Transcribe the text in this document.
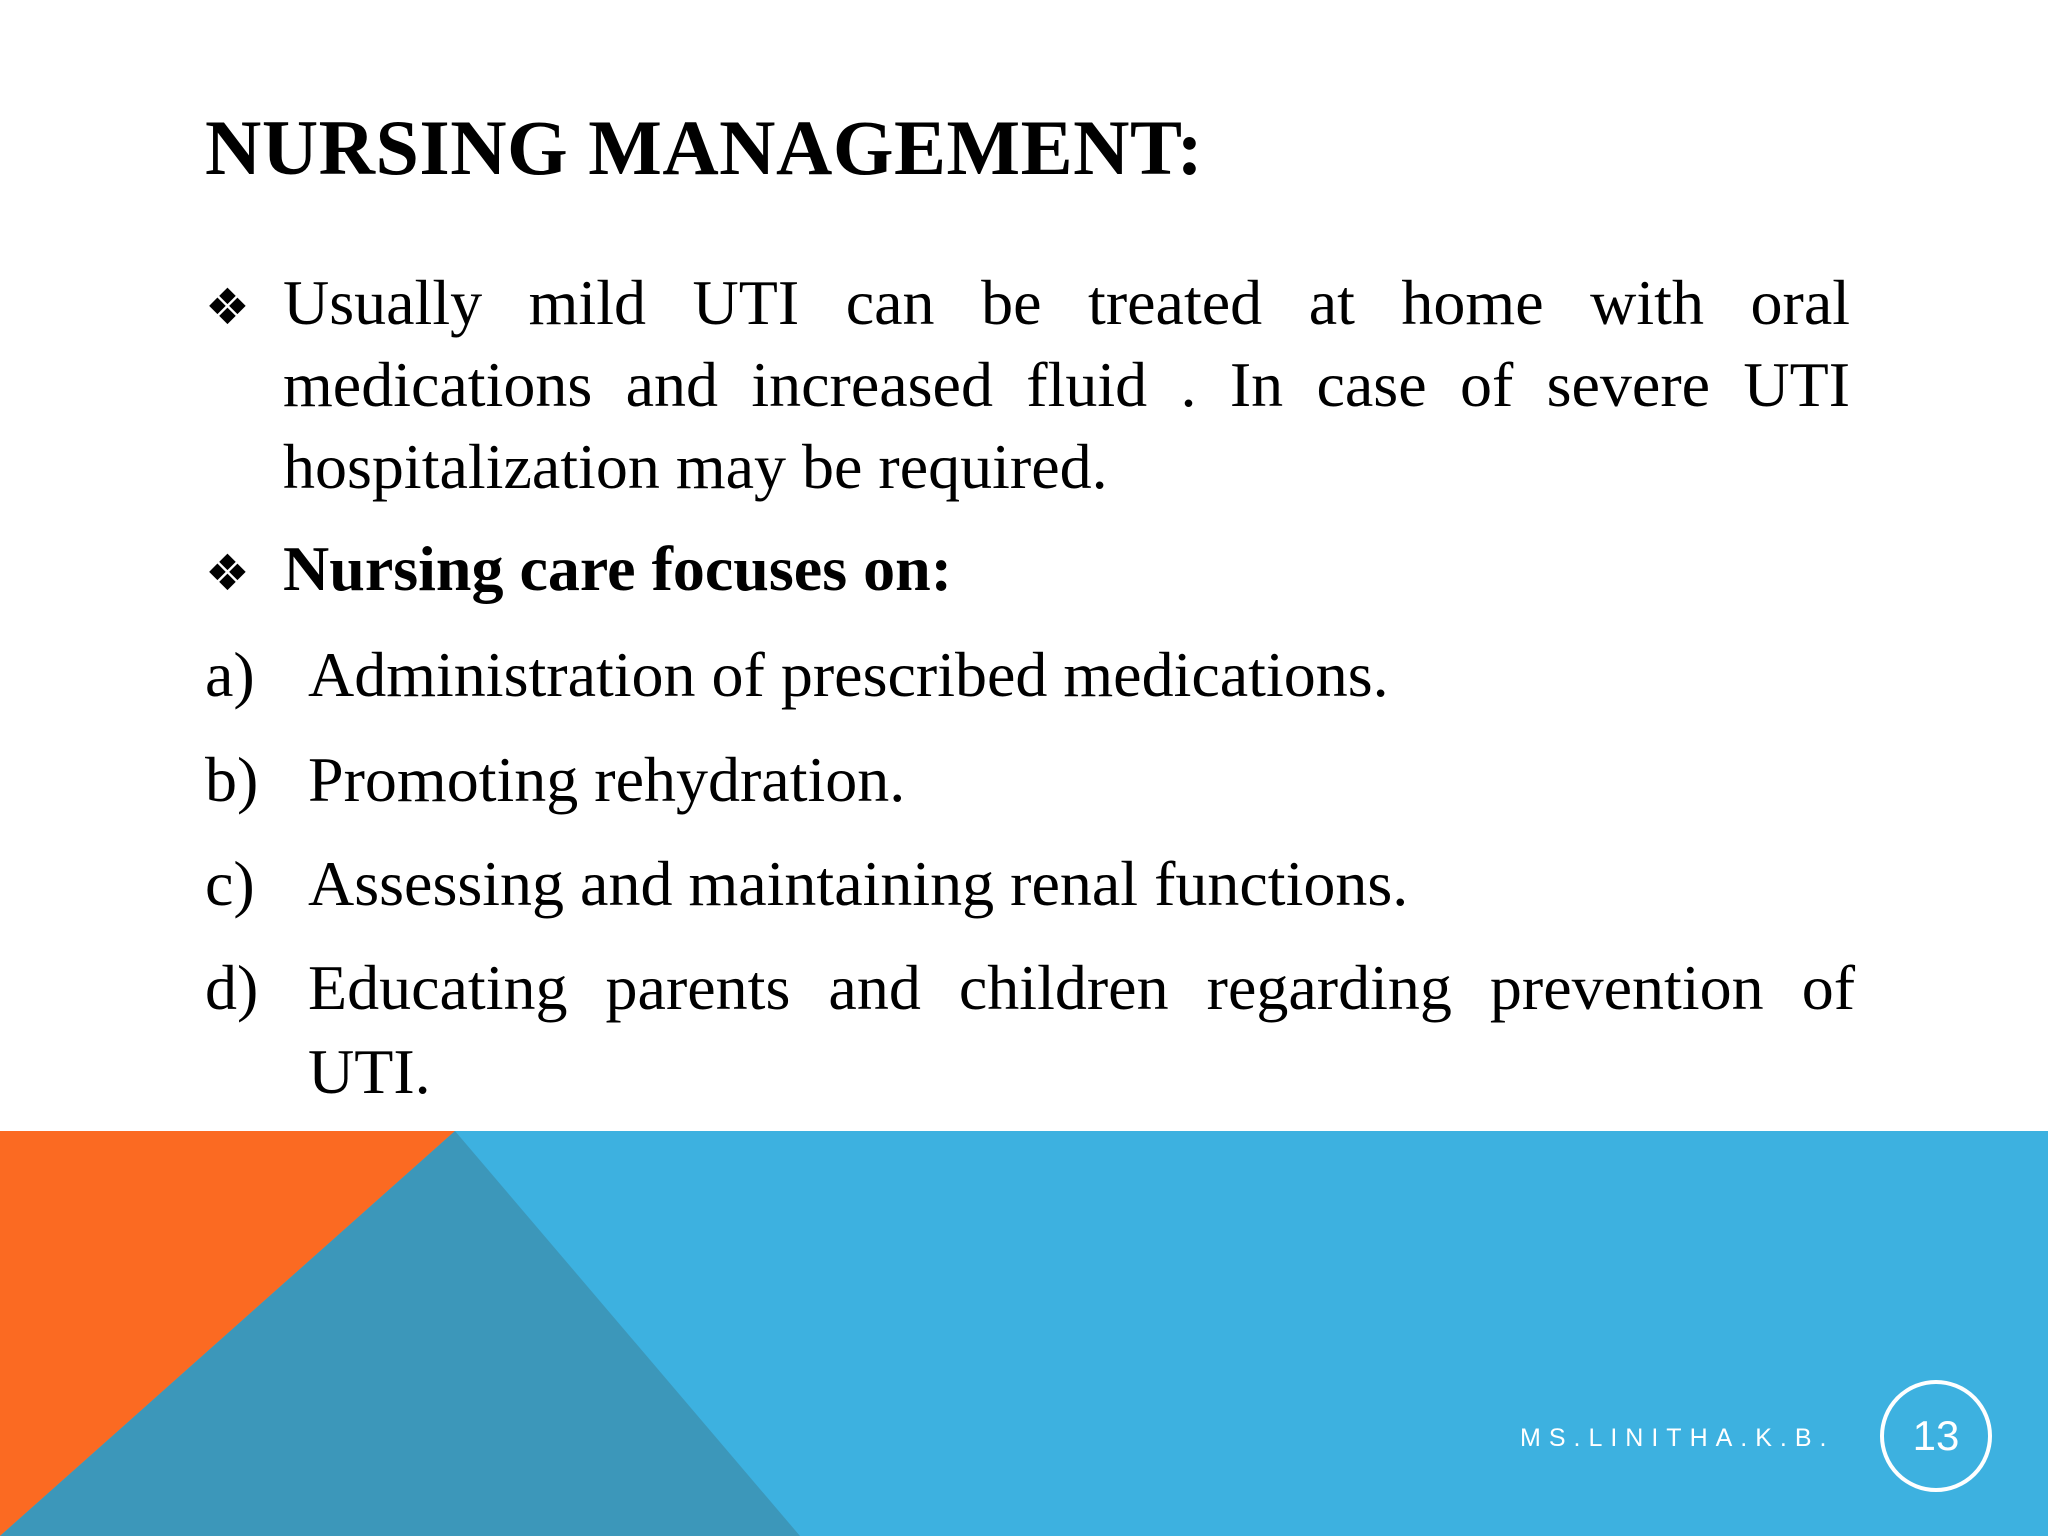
NURSING MANAGEMENT:
❖ Usually mild UTI can be treated at home with oral medications and increased fluid . In case of severe UTI hospitalization may be required.
❖ Nursing care focuses on:
a) Administration of prescribed medications.
b) Promoting rehydration.
c) Assessing and maintaining renal functions.
d) Educating parents and children regarding prevention of UTI.
MS.LINITHA.K.B. 13
